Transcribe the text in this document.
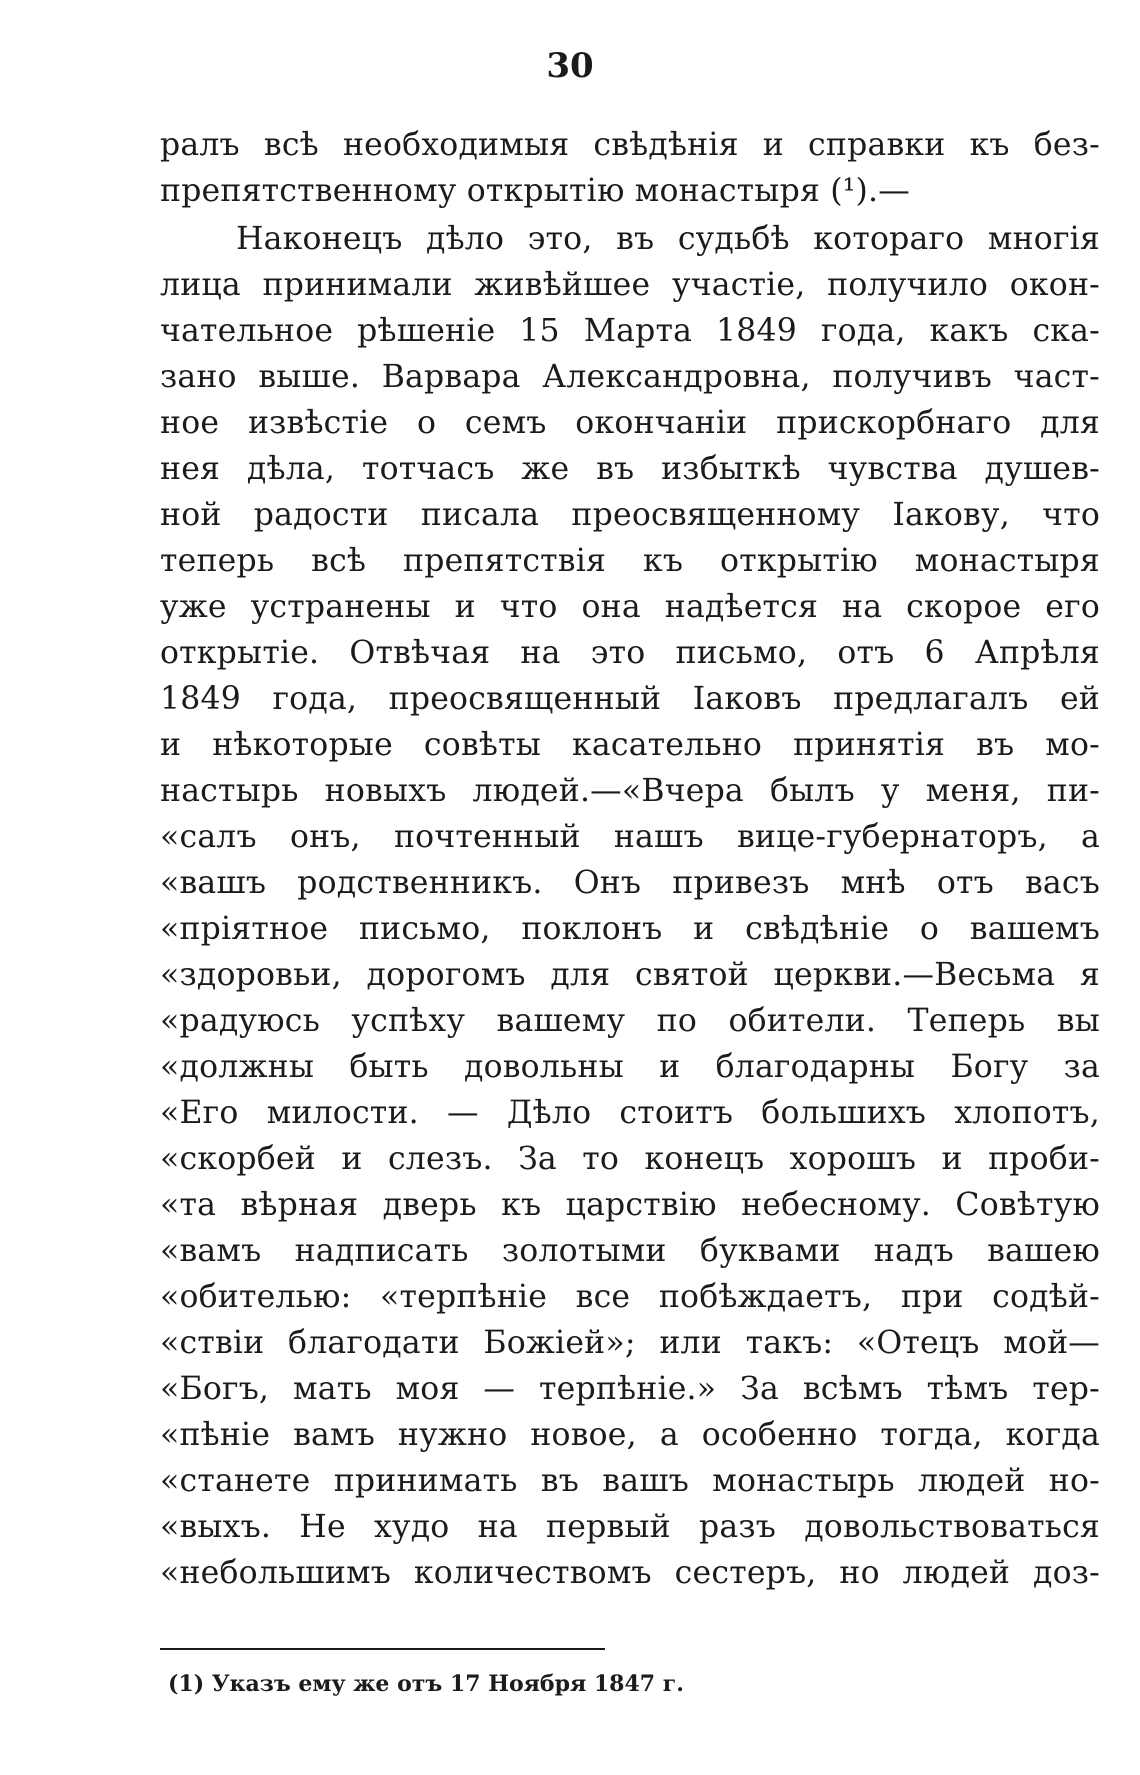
30
ралъ всѣ необходимыя свѣдѣнія и справки къ без-
препятственному открытію монастыря (¹).—
Наконецъ дѣло это, въ судьбѣ котораго многія
лица принимали живѣйшее участіе, получило окон-
чательное рѣшеніе 15 Марта 1849 года, какъ ска-
зано выше. Варвара Александровна, получивъ част-
ное извѣстіе о семъ окончаніи прискорбнаго для
нея дѣла, тотчасъ же въ избыткѣ чувства душев-
ной радости писала преосвященному Іакову, что
теперь всѣ препятствія къ открытію монастыря
уже устранены и что она надѣется на скорое его
открытіе. Отвѣчая на это письмо, отъ 6 Апрѣля
1849 года, преосвященный Іаковъ предлагалъ ей
и нѣкоторые совѣты касательно принятія въ мо-
настырь новыхъ людей.—«Вчера былъ у меня, пи-
«салъ онъ, почтенный нашъ вице-губернаторъ, а
«вашъ родственникъ. Онъ привезъ мнѣ отъ васъ
«пріятное письмо, поклонъ и свѣдѣніе о вашемъ
«здоровьи, дорогомъ для святой церкви.—Весьма я
«радуюсь успѣху вашему по обители. Теперь вы
«должны быть довольны и благодарны Богу за
«Его милости. — Дѣло стоитъ большихъ хлопотъ,
«скорбей и слезъ. За то конецъ хорошъ и проби-
«та вѣрная дверь къ царствію небесному. Совѣтую
«вамъ надписать золотыми буквами надъ вашею
«обителью: «терпѣніе все побѣждаетъ, при содѣй-
«ствіи благодати Божіей»; или такъ: «Отецъ мой—
«Богъ, мать моя — терпѣніе.» За всѣмъ тѣмъ тер-
«пѣніе вамъ нужно новое, а особенно тогда, когда
«станете принимать въ вашъ монастырь людей но-
«выхъ. Не худо на первый разъ довольствоваться
«небольшимъ количествомъ сестеръ, но людей доз-
(1) Указъ ему же отъ 17 Ноября 1847 г.
